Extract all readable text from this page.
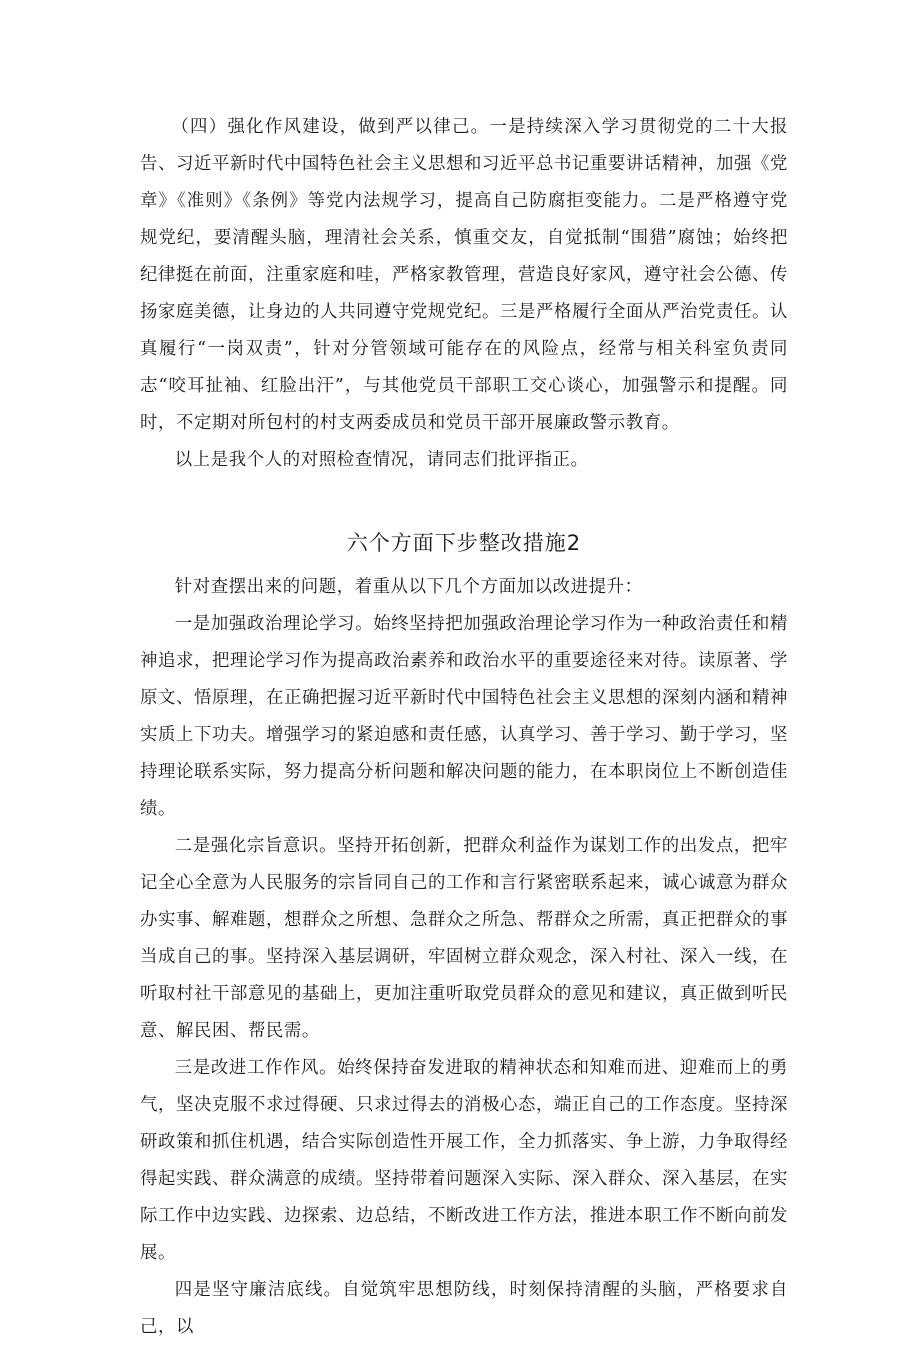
（四）强化作风建设，做到严以律己。一是持续深入学习贯彻党的二十大报告、习近平新时代中国特色社会主义思想和习近平总书记重要讲话精神，加强《党章》《准则》《条例》等党内法规学习，提高自己防腐拒变能力。二是严格遵守党规党纪，要清醒头脑，理清社会关系，慎重交友，自觉抵制“围猎”腐蚀；始终把纪律挺在前面，注重家庭和哇，严格家教管理，营造良好家风，遵守社会公德、传扬家庭美德，让身边的人共同遵守党规党纪。三是严格履行全面从严治党责任。认真履行“一岗双责”，针对分管领域可能存在的风险点，经常与相关科室负责同志“咬耳扯袖、红脸出汗”，与其他党员干部职工交心谈心，加强警示和提醒。同时，不定期对所包村的村支两委成员和党员干部开展廉政警示教育。

以上是我个人的对照检查情况，请同志们批评指正。

六个方面下步整改措施2

针对查摆出来的问题，着重从以下几个方面加以改进提升：

一是加强政治理论学习。始终坚持把加强政治理论学习作为一种政治责任和精神追求，把理论学习作为提高政治素养和政治水平的重要途径来对待。读原著、学原文、悟原理，在正确把握习近平新时代中国特色社会主义思想的深刻内涵和精神实质上下功夫。增强学习的紧迫感和责任感，认真学习、善于学习、勤于学习，坚持理论联系实际，努力提高分析问题和解决问题的能力，在本职岗位上不断创造佳绩。

二是强化宗旨意识。坚持开拓创新，把群众利益作为谋划工作的出发点，把牢记全心全意为人民服务的宗旨同自己的工作和言行紧密联系起来，诚心诚意为群众办实事、解难题，想群众之所想、急群众之所急、帮群众之所需，真正把群众的事当成自己的事。坚持深入基层调研，牢固树立群众观念，深入村社、深入一线，在听取村社干部意见的基础上，更加注重听取党员群众的意见和建议，真正做到听民意、解民困、帮民需。

三是改进工作作风。始终保持奋发进取的精神状态和知难而进、迎难而上的勇气，坚决克服不求过得硬、只求过得去的消极心态，端正自己的工作态度。坚持深研政策和抓住机遇，结合实际创造性开展工作，全力抓落实、争上游，力争取得经得起实践、群众满意的成绩。坚持带着问题深入实际、深入群众、深入基层，在实际工作中边实践、边探索、边总结，不断改进工作方法，推进本职工作不断向前发展。

四是坚守廉洁底线。自觉筑牢思想防线，时刻保持清醒的头脑，严格要求自己，以
